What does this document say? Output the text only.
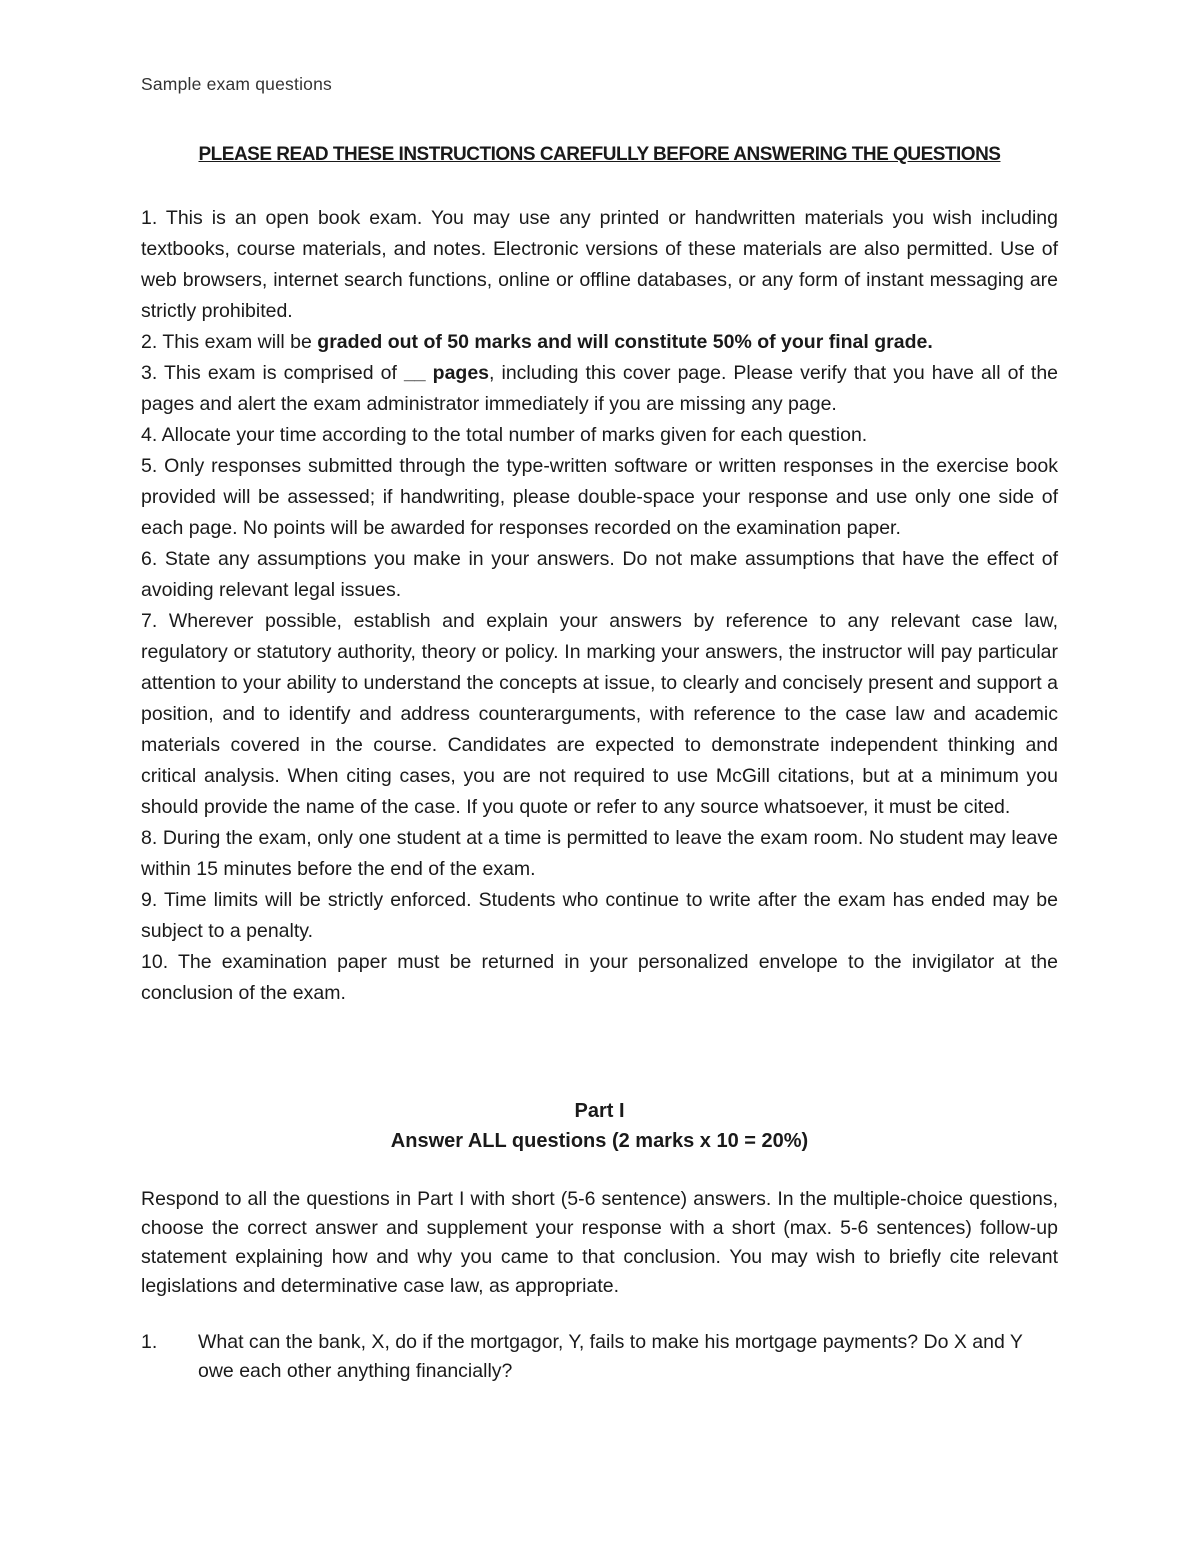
Sample exam questions
PLEASE READ THESE INSTRUCTIONS CAREFULLY BEFORE ANSWERING THE QUESTIONS

1. This is an open book exam. You may use any printed or handwritten materials you wish including textbooks, course materials, and notes. Electronic versions of these materials are also permitted. Use of web browsers, internet search functions, online or offline databases, or any form of instant messaging are strictly prohibited.

2. This exam will be graded out of 50 marks and will constitute 50% of your final grade.

3. This exam is comprised of __ pages, including this cover page. Please verify that you have all of the pages and alert the exam administrator immediately if you are missing any page.

4. Allocate your time according to the total number of marks given for each question.

5. Only responses submitted through the type-written software or written responses in the exercise book provided will be assessed; if handwriting, please double-space your response and use only one side of each page. No points will be awarded for responses recorded on the examination paper.

6. State any assumptions you make in your answers. Do not make assumptions that have the effect of avoiding relevant legal issues.

7. Wherever possible, establish and explain your answers by reference to any relevant case law, regulatory or statutory authority, theory or policy. In marking your answers, the instructor will pay particular attention to your ability to understand the concepts at issue, to clearly and concisely present and support a position, and to identify and address counterarguments, with reference to the case law and academic materials covered in the course. Candidates are expected to demonstrate independent thinking and critical analysis. When citing cases, you are not required to use McGill citations, but at a minimum you should provide the name of the case. If you quote or refer to any source whatsoever, it must be cited.

8. During the exam, only one student at a time is permitted to leave the exam room. No student may leave within 15 minutes before the end of the exam.

9. Time limits will be strictly enforced. Students who continue to write after the exam has ended may be subject to a penalty.

10. The examination paper must be returned in your personalized envelope to the invigilator at the conclusion of the exam.

Part I
Answer ALL questions (2 marks x 10 = 20%)

Respond to all the questions in Part I with short (5-6 sentence) answers. In the multiple-choice questions, choose the correct answer and supplement your response with a short (max. 5-6 sentences) follow-up statement explaining how and why you came to that conclusion. You may wish to briefly cite relevant legislations and determinative case law, as appropriate.

1.	What can the bank, X, do if the mortgagor, Y, fails to make his mortgage payments? Do X and Y owe each other anything financially?
